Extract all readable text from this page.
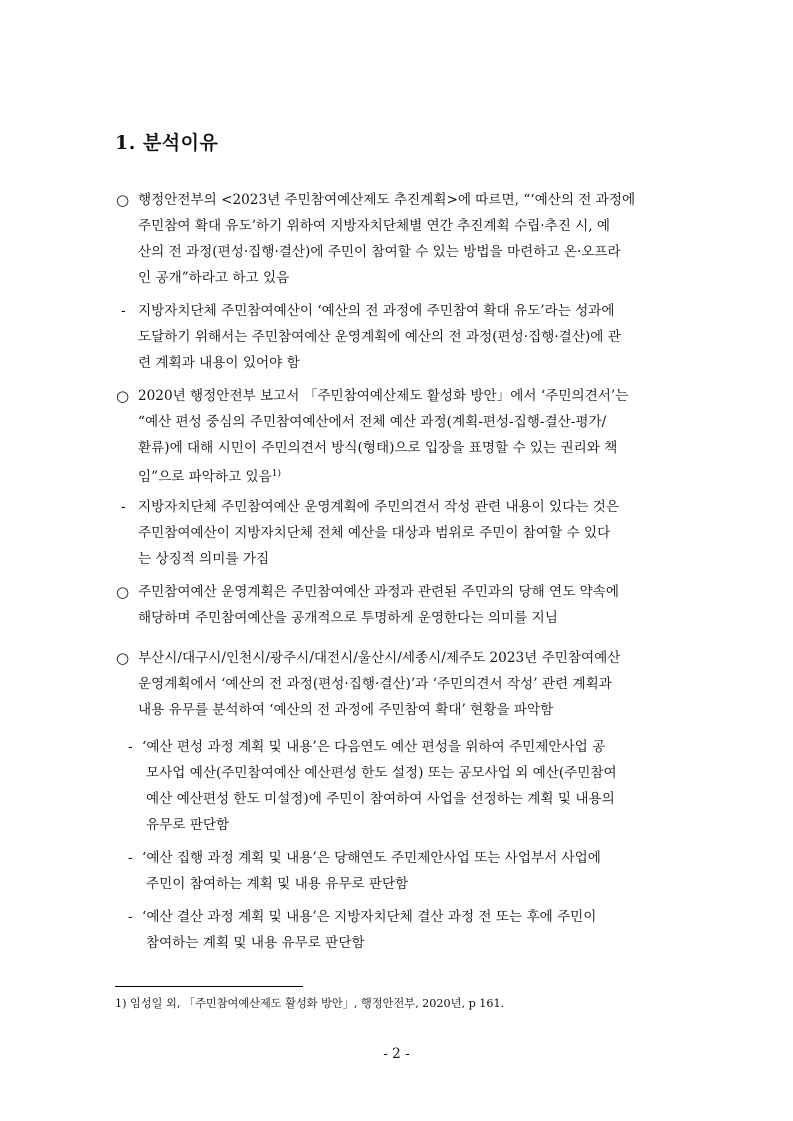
1. 분석이유
○ 행정안전부의 <2023년 주민참여예산제도 추진계획>에 따르면, “‘예산의 전 과정에
주민참여 확대 유도’하기 위하여 지방자치단체별 연간 추진계획 수립·추진 시, 예
산의 전 과정(편성·집행·결산)에 주민이 참여할 수 있는 방법을 마련하고 온·오프라
인 공개”하라고 하고 있음
- 지방자치단체 주민참여예산이 ‘예산의 전 과정에 주민참여 확대 유도’라는 성과에
도달하기 위해서는 주민참여예산 운영계획에 예산의 전 과정(편성·집행·결산)에 관
련 계획과 내용이 있어야 함
○ 2020년 행정안전부 보고서 「주민참여예산제도 활성화 방안」에서 ‘주민의견서’는
“예산 편성 중심의 주민참여예산에서 전체 예산 과정(계획-편성-집행-결산-평가/
환류)에 대해 시민이 주민의견서 방식(형태)으로 입장을 표명할 수 있는 권리와 책
임”으로 파악하고 있음$^{1)}$
- 지방자치단체 주민참여예산 운영계획에 주민의견서 작성 관련 내용이 있다는 것은
주민참여예산이 지방자치단체 전체 예산을 대상과 범위로 주민이 참여할 수 있다
는 상징적 의미를 가짐
○ 주민참여예산 운영계획은 주민참여예산 과정과 관련된 주민과의 당해 연도 약속에
해당하며 주민참여예산을 공개적으로 투명하게 운영한다는 의미를 지님
○ 부산시/대구시/인천시/광주시/대전시/울산시/세종시/제주도 2023년 주민참여예산
운영계획에서 ‘예산의 전 과정(편성·집행·결산)’과 ‘주민의견서 작성’ 관련 계획과
내용 유무를 분석하여 ‘예산의 전 과정에 주민참여 확대’ 현황을 파악함
- ‘예산 편성 과정 계획 및 내용’은 다음연도 예산 편성을 위하여 주민제안사업 공
모사업 예산(주민참여예산 예산편성 한도 설정) 또는 공모사업 외 예산(주민참여
예산 예산편성 한도 미설정)에 주민이 참여하여 사업을 선정하는 계획 및 내용의
유무로 판단함
- ‘예산 집행 과정 계획 및 내용’은 당해연도 주민제안사업 또는 사업부서 사업에
주민이 참여하는 계획 및 내용 유무로 판단함
- ‘예산 결산 과정 계획 및 내용’은 지방자치단체 결산 과정 전 또는 후에 주민이
참여하는 계획 및 내용 유무로 판단함
1) 임성일 외, 「주민참여예산제도 활성화 방안」, 행정안전부, 2020년, p 161.
- 2 -
